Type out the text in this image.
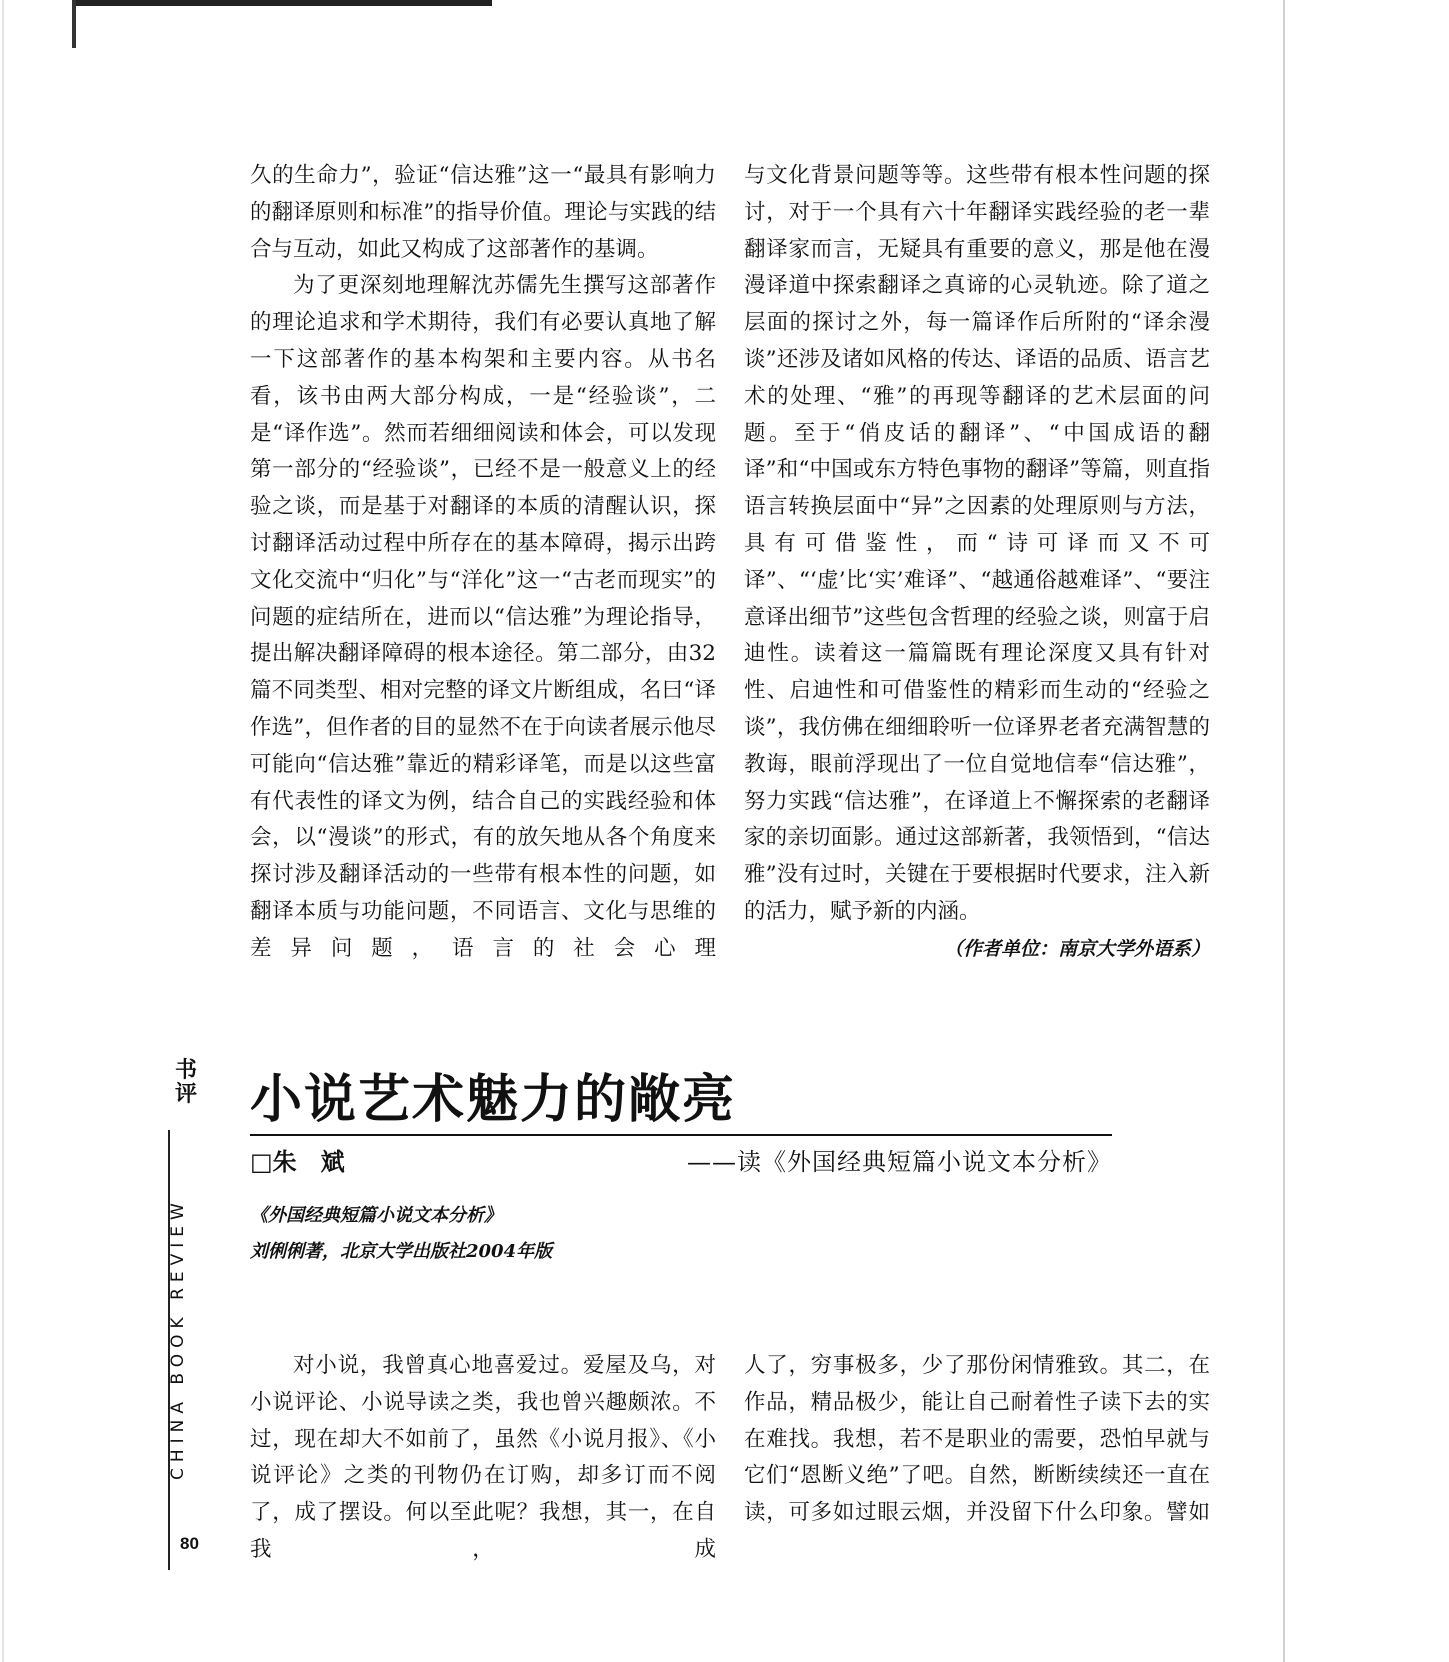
久的生命力”，验证“信达雅”这一“最具有影响力的翻译原则和标准”的指导价值。理论与实践的结合与互动，如此又构成了这部著作的基调。

为了更深刻地理解沈苏儒先生撰写这部著作的理论追求和学术期待，我们有必要认真地了解一下这部著作的基本构架和主要内容。从书名看，该书由两大部分构成，一是“经验谈”，二是“译作选”。然而若细细阅读和体会，可以发现第一部分的“经验谈”，已经不是一般意义上的经验之谈，而是基于对翻译的本质的清醒认识，探讨翻译活动过程中所存在的基本障碍，揭示出跨文化交流中“归化”与“洋化”这一“古老而现实”的问题的症结所在，进而以“信达雅”为理论指导，提出解决翻译障碍的根本途径。第二部分，由32篇不同类型、相对完整的译文片断组成，名曰“译作选”，但作者的目的显然不在于向读者展示他尽可能向“信达雅”靠近的精彩译笔，而是以这些富有代表性的译文为例，结合自己的实践经验和体会，以“漫谈”的形式，有的放矢地从各个角度来探讨涉及翻译活动的一些带有根本性的问题，如翻译本质与功能问题，不同语言、文化与思维的差异问题，语言的社会心理

与文化背景问题等等。这些带有根本性问题的探讨，对于一个具有六十年翻译实践经验的老一辈翻译家而言，无疑具有重要的意义，那是他在漫漫译道中探索翻译之真谛的心灵轨迹。除了道之层面的探讨之外，每一篇译作后所附的“译余漫谈”还涉及诸如风格的传达、译语的品质、语言艺术的处理、“雅”的再现等翻译的艺术层面的问题。至于“俏皮话的翻译”、“中国成语的翻译”和“中国或东方特色事物的翻译”等篇，则直指语言转换层面中“异”之因素的处理原则与方法，具有可借鉴性，而“诗可译而又不可译”、“‘虚’比‘实’难译”、“越通俗越难译”、“要注意译出细节”这些包含哲理的经验之谈，则富于启迪性。读着这一篇篇既有理论深度又具有针对性、启迪性和可借鉴性的精彩而生动的“经验之谈”，我仿佛在细细聆听一位译界老者充满智慧的教诲，眼前浮现出了一位自觉地信奉“信达雅”，努力实践“信达雅”，在译道上不懈探索的老翻译家的亲切面影。通过这部新著，我领悟到，“信达雅”没有过时，关键在于要根据时代要求，注入新的活力，赋予新的内涵。

（作者单位：南京大学外语系）
书评
CHINA BOOK REVIEW
80
小说艺术魅力的敞亮
□朱　斌	——读《外国经典短篇小说文本分析》
《外国经典短篇小说文本分析》
刘俐俐著，北京大学出版社2004年版

对小说，我曾真心地喜爱过。爱屋及乌，对小说评论、小说导读之类，我也曾兴趣颇浓。不过，现在却大不如前了，虽然《小说月报》、《小说评论》之类的刊物仍在订购，却多订而不阅了，成了摆设。何以至此呢？我想，其一，在自我，成

人了，穷事极多，少了那份闲情雅致。其二，在作品，精品极少，能让自己耐着性子读下去的实在难找。我想，若不是职业的需要，恐怕早就与它们“恩断义绝”了吧。自然，断断续续还一直在读，可多如过眼云烟，并没留下什么印象。譬如
